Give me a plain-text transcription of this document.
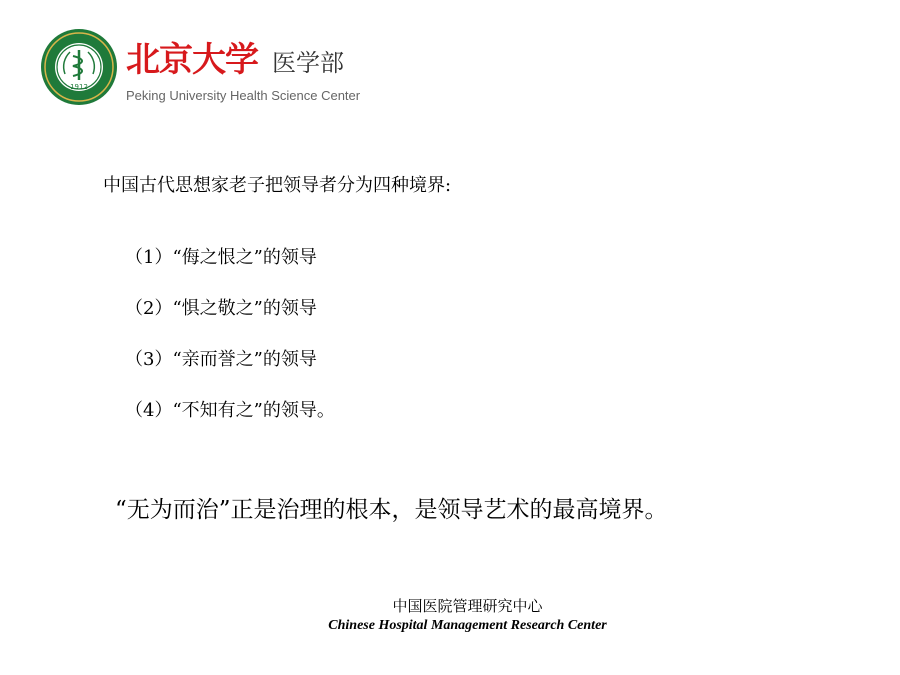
1912
北京大学 医学部
Peking University Health Science Center
中国古代思想家老子把领导者分为四种境界:
（1）“侮之恨之”的领导
（2）“惧之敬之”的领导
（3）“亲而誉之”的领导
（4）“不知有之”的领导。
“无为而治”正是治理的根本，是领导艺术的最高境界。
中国医院管理研究中心
Chinese Hospital Management Research Center
